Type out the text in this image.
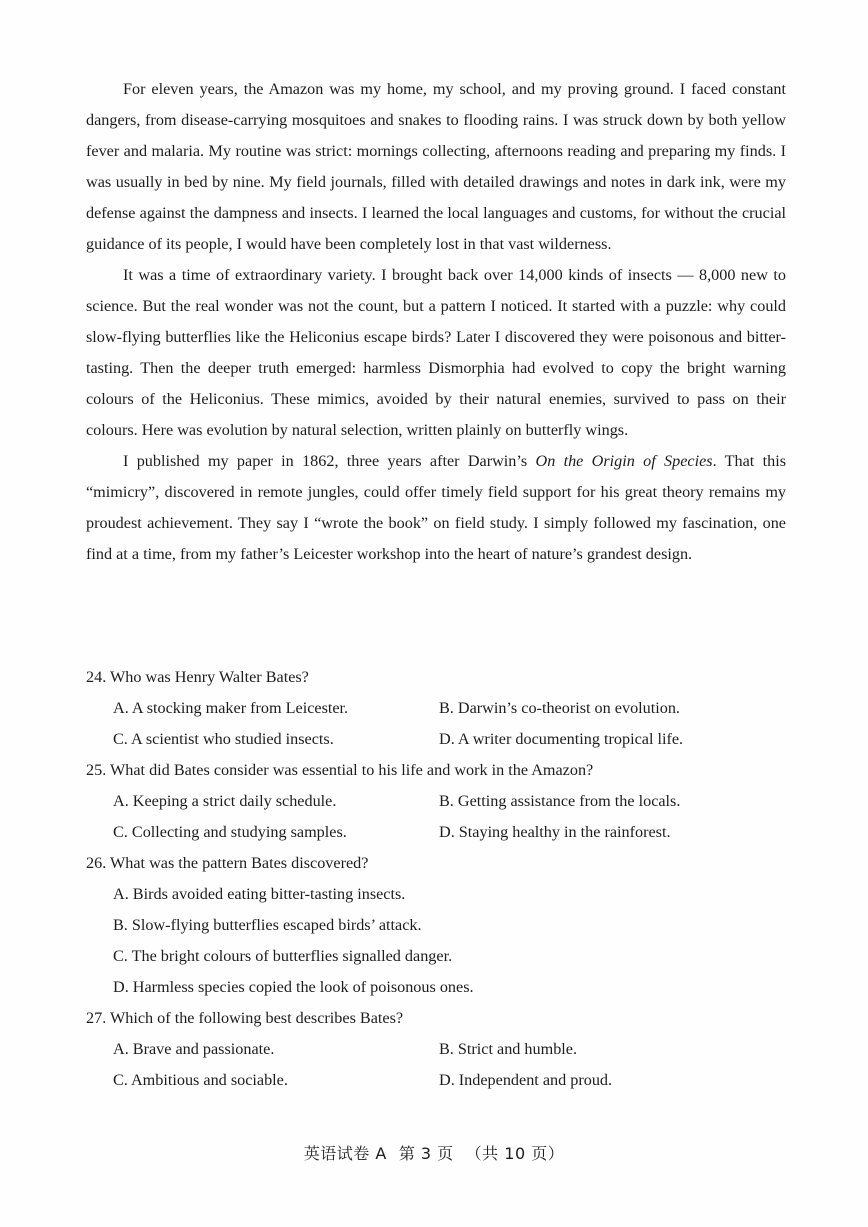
For eleven years, the Amazon was my home, my school, and my proving ground. I faced constant dangers, from disease-carrying mosquitoes and snakes to flooding rains. I was struck down by both yellow fever and malaria. My routine was strict: mornings collecting, afternoons reading and preparing my finds. I was usually in bed by nine. My field journals, filled with detailed drawings and notes in dark ink, were my defense against the dampness and insects. I learned the local languages and customs, for without the crucial guidance of its people, I would have been completely lost in that vast wilderness.

It was a time of extraordinary variety. I brought back over 14,000 kinds of insects — 8,000 new to science. But the real wonder was not the count, but a pattern I noticed. It started with a puzzle: why could slow-flying butterflies like the Heliconius escape birds? Later I discovered they were poisonous and bitter-tasting. Then the deeper truth emerged: harmless Dismorphia had evolved to copy the bright warning colours of the Heliconius. These mimics, avoided by their natural enemies, survived to pass on their colours. Here was evolution by natural selection, written plainly on butterfly wings.

I published my paper in 1862, three years after Darwin’s On the Origin of Species. That this “mimicry”, discovered in remote jungles, could offer timely field support for his great theory remains my proudest achievement. They say I “wrote the book” on field study. I simply followed my fascination, one find at a time, from my father’s Leicester workshop into the heart of nature’s grandest design.

24. Who was Henry Walter Bates?
A. A stocking maker from Leicester.	B. Darwin’s co-theorist on evolution.
C. A scientist who studied insects.	D. A writer documenting tropical life.
25. What did Bates consider was essential to his life and work in the Amazon?
A. Keeping a strict daily schedule.	B. Getting assistance from the locals.
C. Collecting and studying samples.	D. Staying healthy in the rainforest.
26. What was the pattern Bates discovered?
A. Birds avoided eating bitter-tasting insects.
B. Slow-flying butterflies escaped birds’ attack.
C. The bright colours of butterflies signalled danger.
D. Harmless species copied the look of poisonous ones.
27. Which of the following best describes Bates?
A. Brave and passionate.	B. Strict and humble.
C. Ambitious and sociable.	D. Independent and proud.
英语试卷 A 第 3 页 （共 10 页）
